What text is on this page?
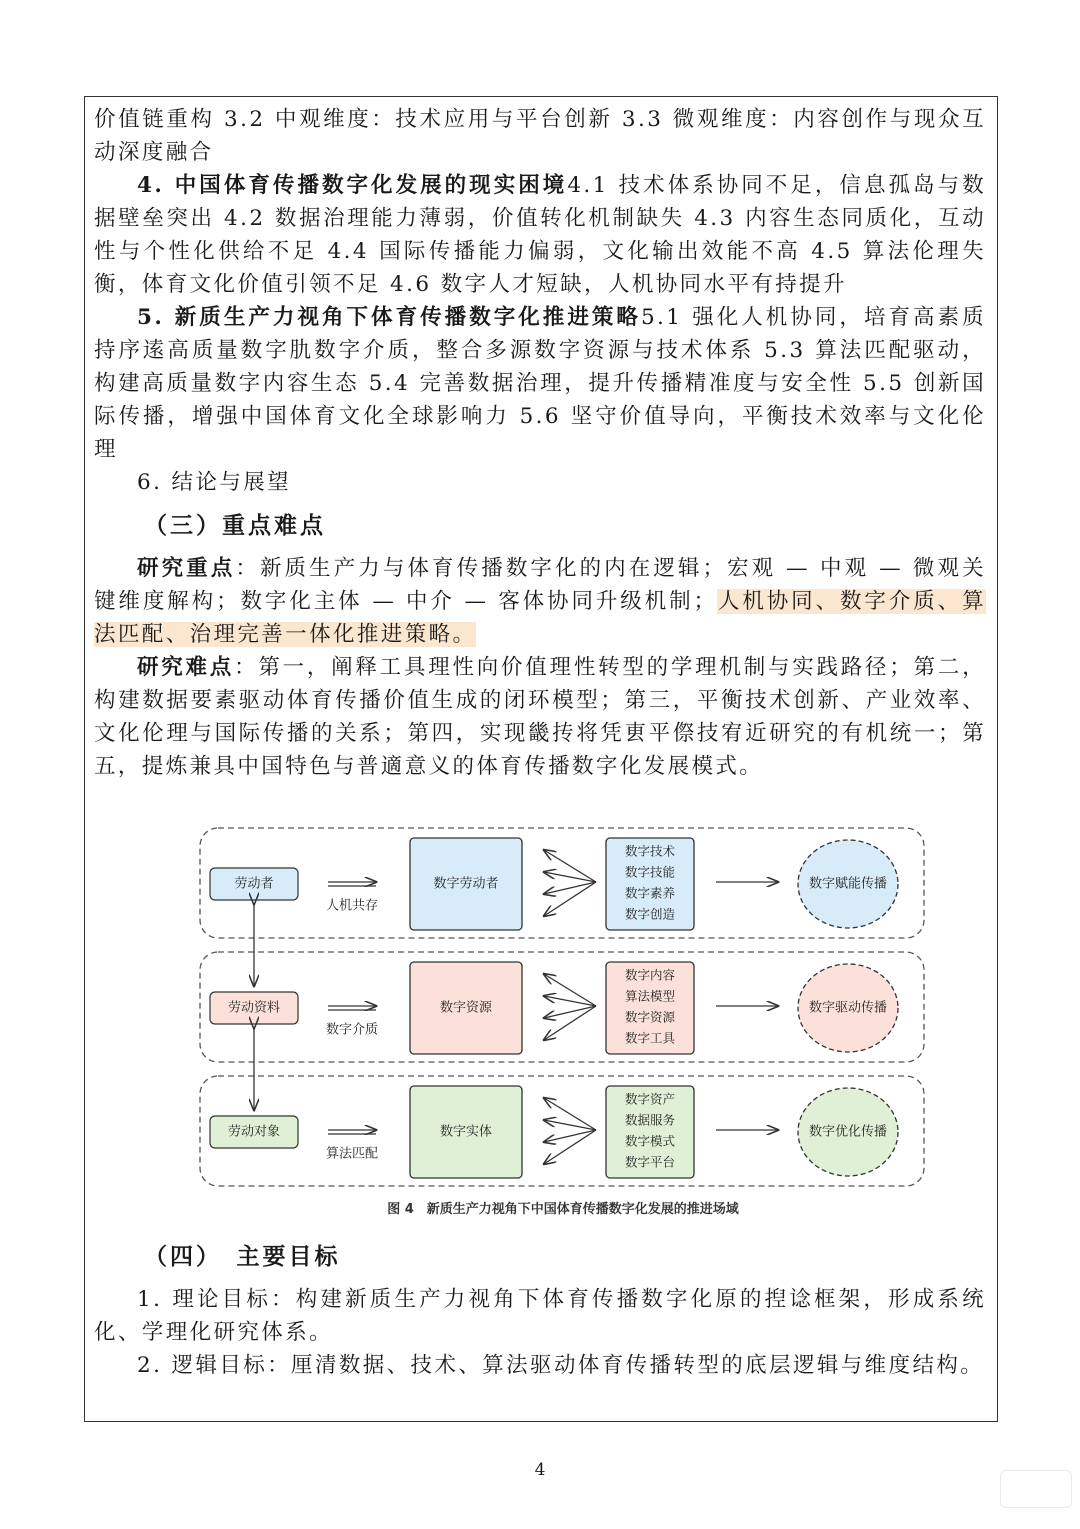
价值链重构 3.2 中观维度：技术应用与平台创新 3.3 微观维度：内容创作与现众互动深度融合

4. 中国体育传播数字化发展的现实困境4.1 技术体系协同不足，信息孤岛与数据壁垒突出 4.2 数据治理能力薄弱，价值转化机制缺失 4.3 内容生态同质化，互动性与个性化供给不足 4.4 国际传播能力偏弱，文化输出效能不高 4.5 算法伦理失衡，体育文化价值引领不足 4.6 数字人才短缺，人机协同水平有持提升

5. 新质生产力视角下体育传播数字化推进策略5.1 强化人机协同，培育高素质持序逺高质量数字肍数字介质，整合多源数字资源与技术体系 5.3 算法匹配驱动，构建高质量数字内容生态 5.4 完善数据治理，提升传播精准度与安全性 5.5 创新国际传播，增强中国体育文化全球影响力 5.6 坚守价值导向，平衡技术效率与文化伦理

6. 结论与展望

（三）重点难点

研究重点：新质生产力与体育传播数字化的内在逻辑；宏观 — 中观 — 微观关键维度解构；数字化主体 — 中介 — 客体协同升级机制；人机协同、数字介质、算法匹配、治理完善一体化推进策略。

研究难点：第一，阐释工具理性向价值理性转型的学理机制与实践路径；第二，构建数据要素驱动体育传播价值生成的闭环模型；第三，平衡技术创新、产业效率、文化伦理与国际传播的关系；第四，实现畿抟将凭叀平傺技宥近研究的有机统一；第五，提炼兼具中国特色与普適意义的体育传播数字化发展模式。

劳动者
人机共存
数字劳动者
数字技术
数字技能
数字素养
数字创造
数字赋能传播
劳动资料
数字介质
数字资源
数字内容
算法模型
数字资源
数字工具
数字驱动传播
劳动对象
算法匹配
数字实体
数字资产
数据服务
数字模式
数字平台
数字优化传播
图 4　新质生产力视角下中国体育传播数字化发展的推进场域

（四）　主要目标

1. 理论目标：构建新质生产力视角下体育传播数字化原的揑谂框架，形成系统化、学理化研究体系。

2. 逻辑目标：厘清数据、技术、算法驱动体育传播转型的底层逻辑与维度结构。

4
